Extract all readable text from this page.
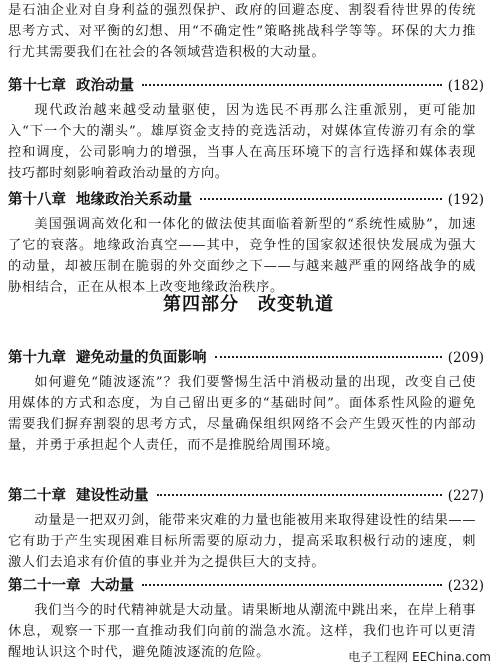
是石油企业对自身利益的强烈保护、政府的回避态度、割裂看待世界的传统思考方式、对平衡的幻想、用“不确定性”策略挑战科学等等。环保的大力推行尤其需要我们在社会的各领域营造积极的大动量。

第十七章 政治动量	(182)

现代政治越来越受动量驱使，因为选民不再那么注重派别，更可能加入“下一个大的潮头”。雄厚资金支持的竞选活动，对媒体宣传游刃有余的掌控和调度，公司影响力的增强，当事人在高压环境下的言行选择和媒体表现技巧都时刻影响着政治动量的方向。

第十八章 地缘政治关系动量	(192)

美国强调高效化和一体化的做法使其面临着新型的“系统性威胁”，加速了它的衰落。地缘政治真空——其中，竞争性的国家叙述很快发展成为强大的动量，却被压制在脆弱的外交面纱之下——与越来越严重的网络战争的威胁相结合，正在从根本上改变地缘政治秩序。

第四部分　改变轨道
第十九章 避免动量的负面影响	(209)

如何避免“随波逐流”？我们要警惕生活中消极动量的出现，改变自己使用媒体的方式和态度，为自己留出更多的“基础时间”。面体系性风险的避免需要我们摒弃割裂的思考方式，尽量确保组织网络不会产生毁灭性的内部动量，并勇于承担起个人责任，而不是推脱给周围环境。

第二十章 建设性动量	(227)

动量是一把双刃剑，能带来灾难的力量也能被用来取得建设性的结果——它有助于产生实现困难目标所需要的原动力，提高采取积极行动的速度，刺激人们去追求有价值的事业并为之提供巨大的支持。

第二十一章 大动量	(232)

我们当今的时代精神就是大动量。请果断地从潮流中跳出来，在岸上稍事休息，观察一下那一直推动我们向前的湍急水流。这样，我们也许可以更清醒地认识这个时代，避免随波逐流的危险。	电子工程网 EEChina.com
